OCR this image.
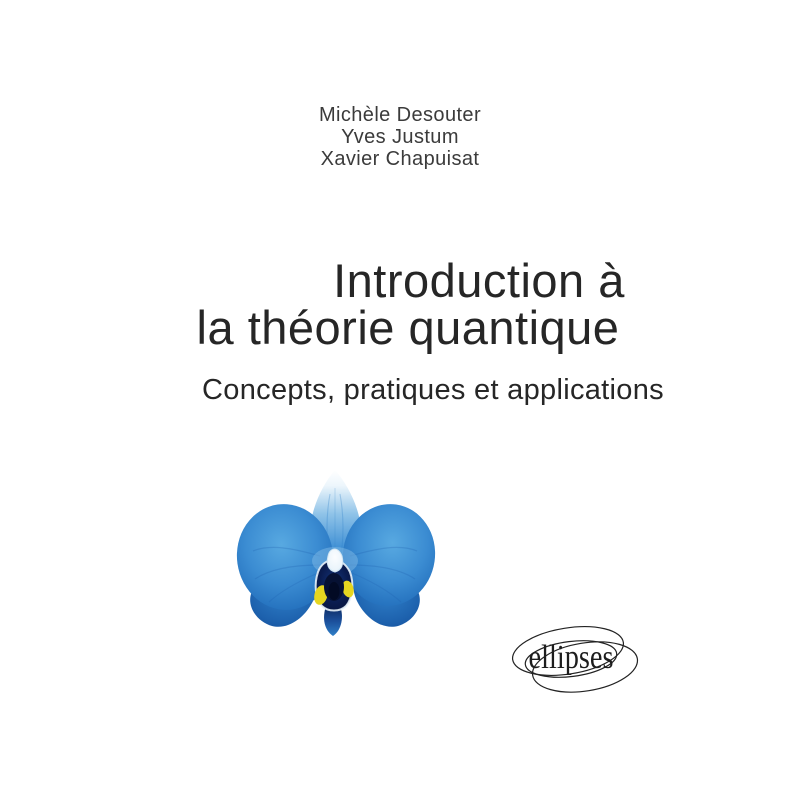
Michèle Desouter
Yves Justum
Xavier Chapuisat
Introduction à
la théorie quantique
Concepts, pratiques et applications
ellipses
